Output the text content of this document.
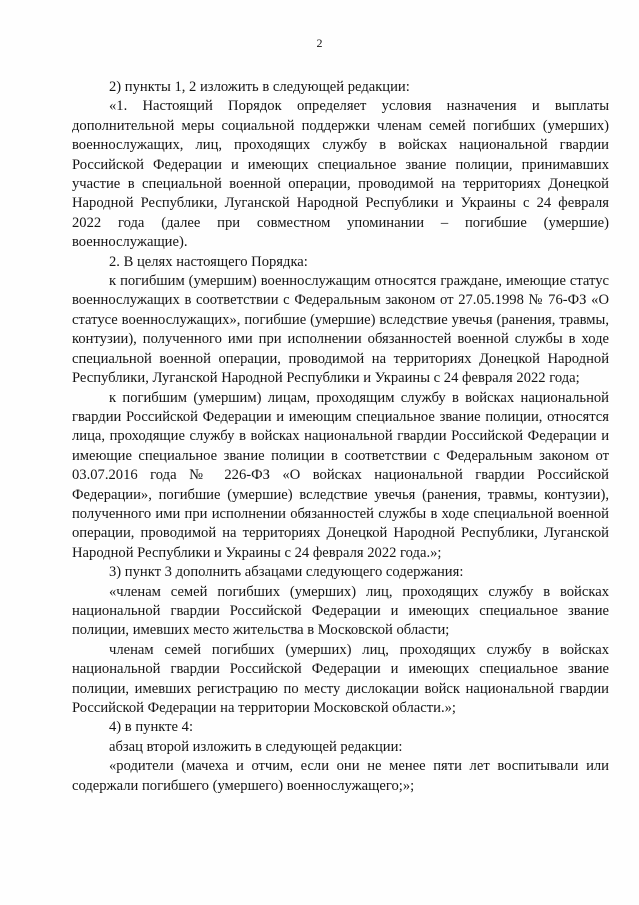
2

2) пункты 1, 2 изложить в следующей редакции:

«1. Настоящий Порядок определяет условия назначения и выплаты дополнительной меры социальной поддержки членам семей погибших (умерших) военнослужащих, лиц, проходящих службу в войсках национальной гвардии Российской Федерации и имеющих специальное звание полиции, принимавших участие в специальной военной операции, проводимой на территориях Донецкой Народной Республики, Луганской Народной Республики и Украины с 24 февраля 2022 года (далее при совместном упоминании – погибшие (умершие) военнослужащие).

2. В целях настоящего Порядка:

к погибшим (умершим) военнослужащим относятся граждане, имеющие статус военнослужащих в соответствии с Федеральным законом от 27.05.1998 № 76-ФЗ «О статусе военнослужащих», погибшие (умершие) вследствие увечья (ранения, травмы, контузии), полученного ими при исполнении обязанностей военной службы в ходе специальной военной операции, проводимой на территориях Донецкой Народной Республики, Луганской Народной Республики и Украины с 24 февраля 2022 года;

к погибшим (умершим) лицам, проходящим службу в войсках национальной гвардии Российской Федерации и имеющим специальное звание полиции, относятся лица, проходящие службу в войсках национальной гвардии Российской Федерации и имеющие специальное звание полиции в соответствии с Федеральным законом от 03.07.2016 года № 226-ФЗ «О войсках национальной гвардии Российской Федерации», погибшие (умершие) вследствие увечья (ранения, травмы, контузии), полученного ими при исполнении обязанностей службы в ходе специальной военной операции, проводимой на территориях Донецкой Народной Республики, Луганской Народной Республики и Украины с 24 февраля 2022 года.»;

3) пункт 3 дополнить абзацами следующего содержания:

«членам семей погибших (умерших) лиц, проходящих службу в войсках национальной гвардии Российской Федерации и имеющих специальное звание полиции, имевших место жительства в Московской области;

членам семей погибших (умерших) лиц, проходящих службу в войсках национальной гвардии Российской Федерации и имеющих специальное звание полиции, имевших регистрацию по месту дислокации войск национальной гвардии Российской Федерации на территории Московской области.»;

4) в пункте 4:

абзац второй изложить в следующей редакции:

«родители (мачеха и отчим, если они не менее пяти лет воспитывали или содержали погибшего (умершего) военнослужащего;»;
